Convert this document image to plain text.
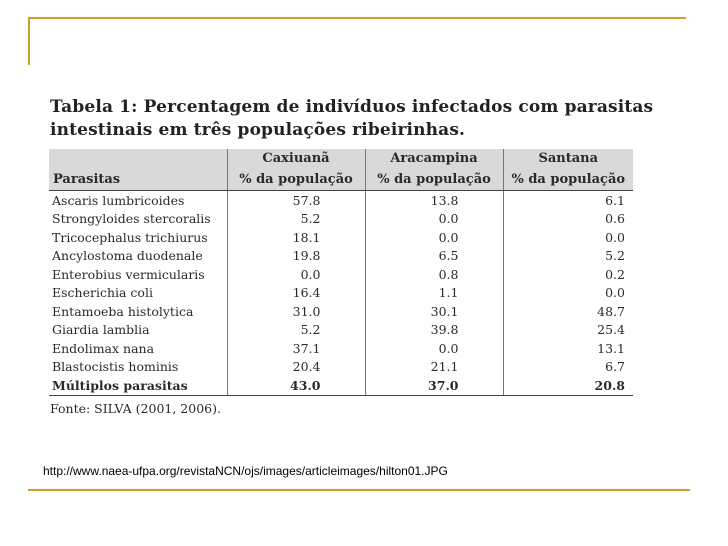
Tabela 1: Percentagem de indivíduos infectados com parasitas
intestinais em três populações ribeirinhas.
	Caxiuanã	Aracampina	Santana
Parasitas	% da população	% da população	% da população
Ascaris lumbricoides	57.8	13.8	6.1
Strongyloides stercoralis	5.2	0.0	0.6
Tricocephalus trichiurus	18.1	0.0	0.0
Ancylostoma duodenale	19.8	6.5	5.2
Enterobius vermicularis	0.0	0.8	0.2
Escherichia coli	16.4	1.1	0.0
Entamoeba histolytica	31.0	30.1	48.7
Giardia lamblia	5.2	39.8	25.4
Endolimax nana	37.1	0.0	13.1
Blastocistis hominis	20.4	21.1	6.7
Múltiplos parasitas	43.0	37.0	20.8
Fonte: SILVA (2001, 2006).
http://www.naea-ufpa.org/revistaNCN/ojs/images/articleimages/hilton01.JPG
